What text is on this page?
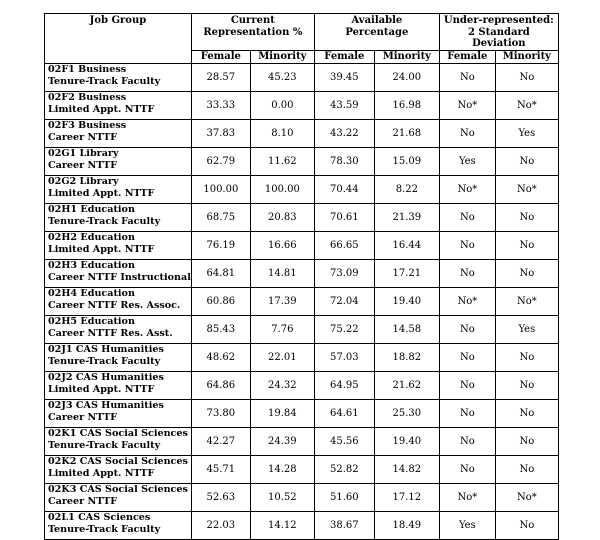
Job Group	Current
Representation %		Available
Percentage		Under-represented:
2 Standard Deviation	
	Female	Minority	Female	Minority	Female	Minority

02F1 Business
Tenure-Track Faculty	28.57	45.23	39.45	24.00	No	No

02F2 Business
Limited Appt. NTTF	33.33	0.00	43.59	16.98	No*	No*

02F3 Business
Career NTTF	37.83	8.10	43.22	21.68	No	Yes

02G1 Library
Career NTTF	62.79	11.62	78.30	15.09	Yes	No

02G2 Library
Limited Appt. NTTF	100.00	100.00	70.44	8.22	No*	No*

02H1 Education
Tenure-Track Faculty	68.75	20.83	70.61	21.39	No	No

02H2 Education
Limited Appt. NTTF	76.19	16.66	66.65	16.44	No	No

02H3 Education
Career NTTF Instructional	64.81	14.81	73.09	17.21	No	No

02H4 Education
Career NTTF Res. Assoc.	60.86	17.39	72.04	19.40	No*	No*

02H5 Education
Career NTTF Res. Asst.	85.43	7.76	75.22	14.58	No	Yes

02J1 CAS Humanities
Tenure-Track Faculty	48.62	22.01	57.03	18.82	No	No

02J2 CAS Humanities
Limited Appt. NTTF	64.86	24.32	64.95	21.62	No	No

02J3 CAS Humanities
Career NTTF	73.80	19.84	64.61	25.30	No	No

02K1 CAS Social Sciences
Tenure-Track Faculty	42.27	24.39	45.56	19.40	No	No

02K2 CAS Social Sciences
Limited Appt. NTTF	45.71	14.28	52.82	14.82	No	No

02K3 CAS Social Sciences
Career NTTF	52.63	10.52	51.60	17.12	No*	No*

02L1 CAS Sciences
Tenure-Track Faculty	22.03	14.12	38.67	18.49	Yes	No
